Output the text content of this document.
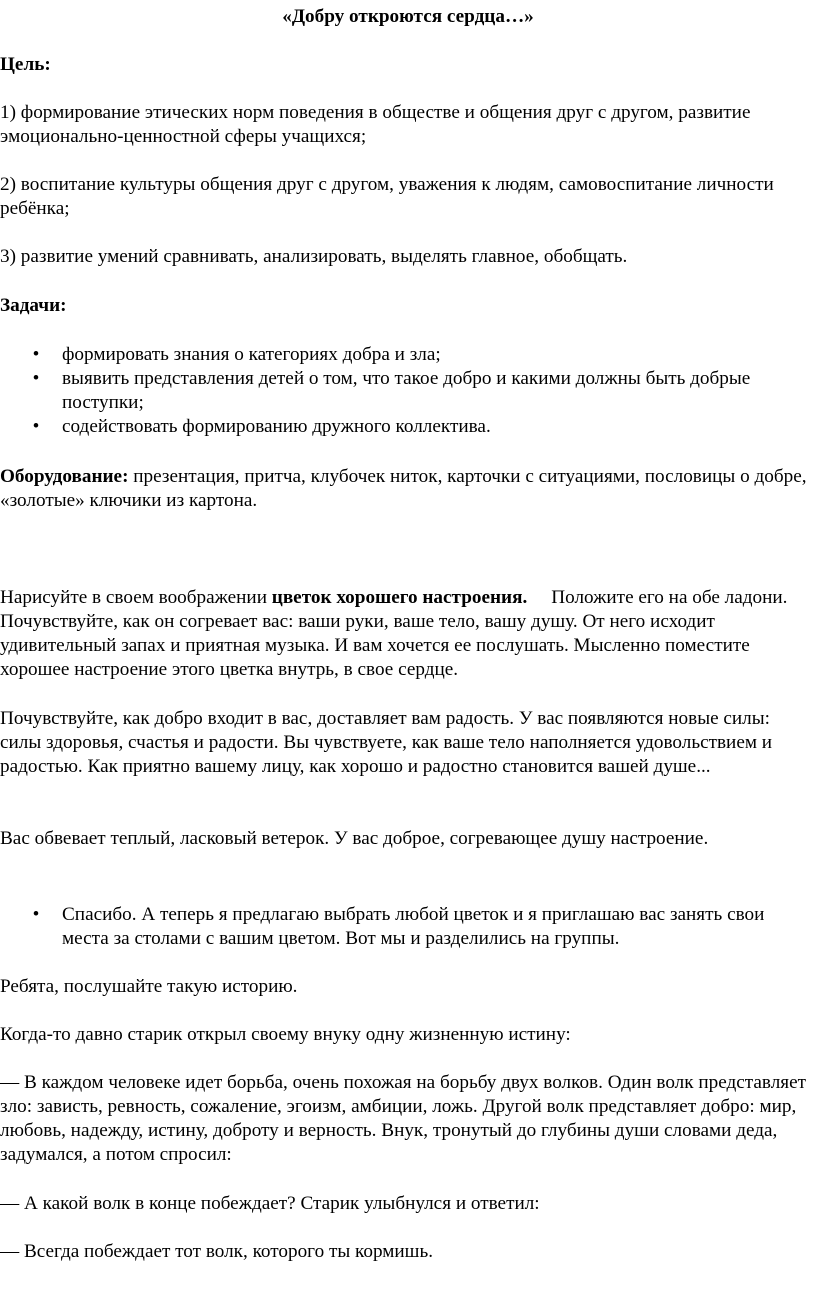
«Добру откроются сердца…»
Цель:

1) формирование этических норм поведения в обществе и общения друг с другом, развитие эмоционально-ценностной сферы учащихся;

2) воспитание культуры общения друг с другом, уважения к людям, самовоспитание личности ребёнка;

3) развитие умений сравнивать, анализировать, выделять главное, обобщать.

Задачи:
• формировать знания о категориях добра и зла;
• выявить представления детей о том, что такое добро и какими должны быть добрые поступки;
• содействовать формированию дружного коллектива.

Оборудование: презентация, притча, клубочек ниток, карточки с ситуациями, пословицы о добре, «золотые» ключики из картона.

Нарисуйте в своем воображении цветок хорошего настроения.     Положите его на обе ладони. Почувствуйте, как он согревает вас: ваши руки, ваше тело, вашу душу. От него исходит удивительный запах и приятная музыка. И вам хочется ее послушать. Мысленно поместите хорошее настроение этого цветка внутрь, в свое сердце.

Почувствуйте, как добро входит в вас, доставляет вам радость. У вас появляются новые силы: силы здоровья, счастья и радости. Вы чувствуете, как ваше тело наполняется удовольствием и радостью. Как приятно вашему лицу, как хорошо и радостно становится вашей душе...

Вас обвевает теплый, ласковый ветерок. У вас доброе, согревающее душу настроение.

• Спасибо. А теперь я предлагаю выбрать любой цветок и я приглашаю вас занять свои места за столами с вашим цветом. Вот мы и разделились на группы.

Ребята, послушайте такую историю.

Когда-то давно старик открыл своему внуку одну жизненную истину:

— В каждом человеке идет борьба, очень похожая на борьбу двух волков. Один волк представляет зло: зависть, ревность, сожаление, эгоизм, амбиции, ложь. Другой волк представляет добро: мир, любовь, надежду, истину, доброту и верность. Внук, тронутый до глубины души словами деда, задумался, а потом спросил:

— А какой волк в конце побеждает? Старик улыбнулся и ответил:

— Всегда побеждает тот волк, которого ты кормишь.
